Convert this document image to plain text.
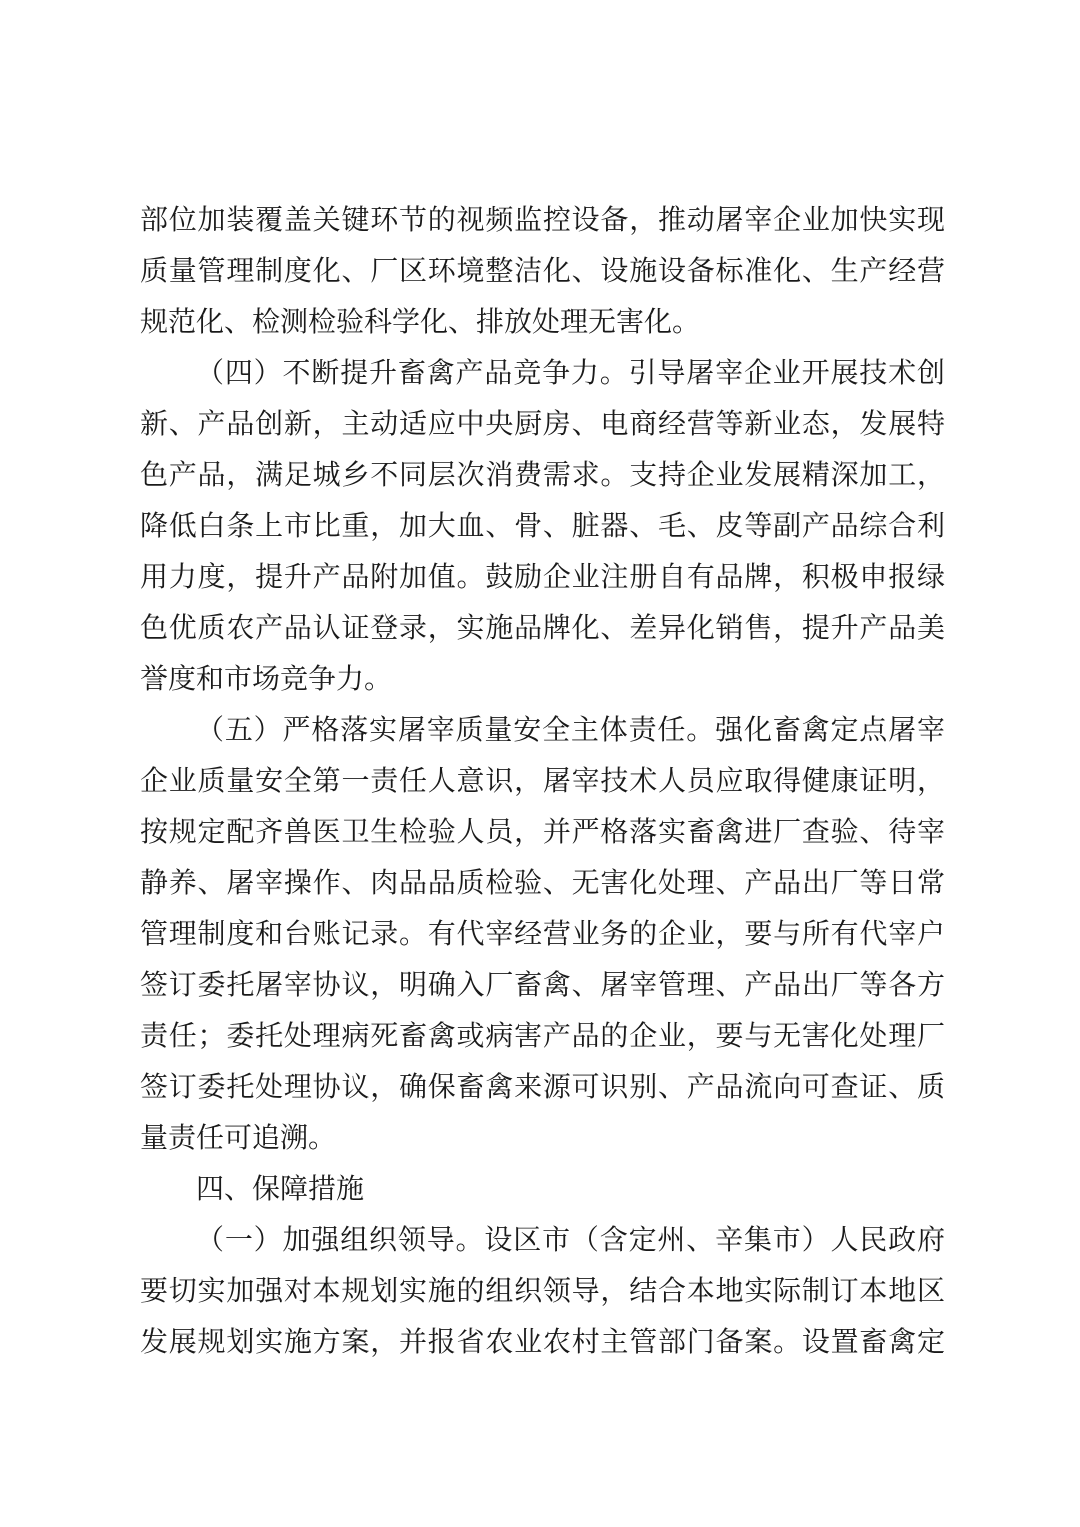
部位加装覆盖关键环节的视频监控设备，推动屠宰企业加快实现
质量管理制度化、厂区环境整洁化、设施设备标准化、生产经营
规范化、检测检验科学化、排放处理无害化。
（四）不断提升畜禽产品竞争力。引导屠宰企业开展技术创
新、产品创新，主动适应中央厨房、电商经营等新业态，发展特
色产品，满足城乡不同层次消费需求。支持企业发展精深加工，
降低白条上市比重，加大血、骨、脏器、毛、皮等副产品综合利
用力度，提升产品附加值。鼓励企业注册自有品牌，积极申报绿
色优质农产品认证登录，实施品牌化、差异化销售，提升产品美
誉度和市场竞争力。
（五）严格落实屠宰质量安全主体责任。强化畜禽定点屠宰
企业质量安全第一责任人意识，屠宰技术人员应取得健康证明，
按规定配齐兽医卫生检验人员，并严格落实畜禽进厂查验、待宰
静养、屠宰操作、肉品品质检验、无害化处理、产品出厂等日常
管理制度和台账记录。有代宰经营业务的企业，要与所有代宰户
签订委托屠宰协议，明确入厂畜禽、屠宰管理、产品出厂等各方
责任；委托处理病死畜禽或病害产品的企业，要与无害化处理厂
签订委托处理协议，确保畜禽来源可识别、产品流向可查证、质
量责任可追溯。
四、保障措施
（一）加强组织领导。设区市（含定州、辛集市）人民政府
要切实加强对本规划实施的组织领导，结合本地实际制订本地区
发展规划实施方案，并报省农业农村主管部门备案。设置畜禽定
